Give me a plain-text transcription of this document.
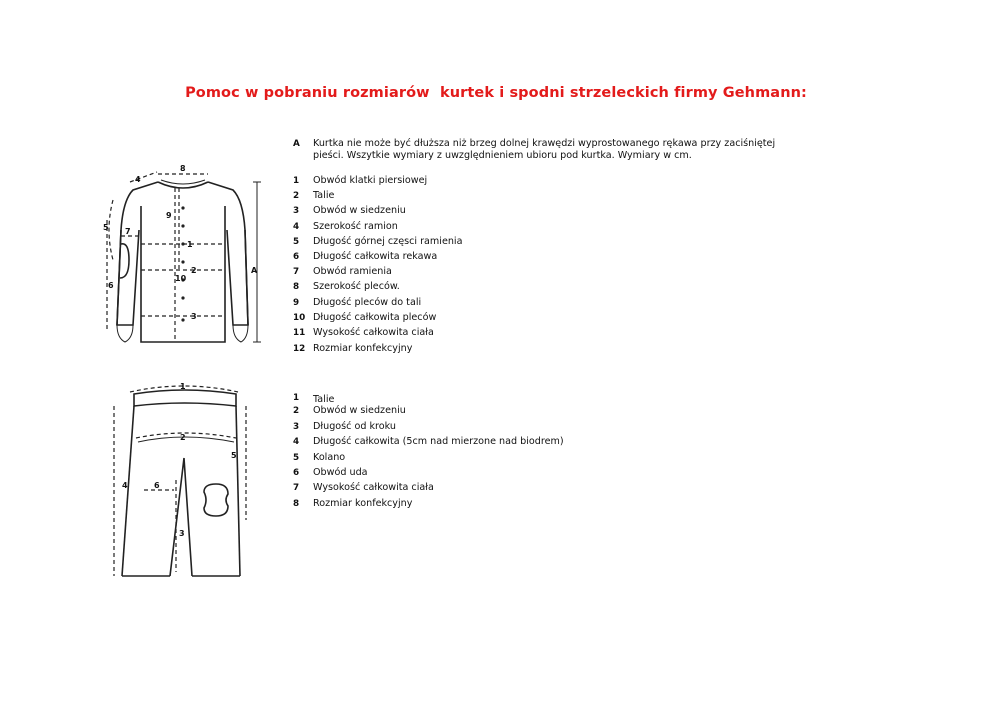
Pomoc w pobraniu rozmiarów  kurtek i spodni strzeleckich firmy Gehmann:
A Kurtka nie może być dłuższa niż brzeg dolnej krawędzi wyprostowanego rękawa przy zaciśniętej pieści. Wszytkie wymiary z uwzględnieniem ubioru pod kurtka. Wymiary w cm.
1 Obwód klatki piersiowej
2 Talie
3 Obwód w siedzeniu
4 Szerokość ramion
5 Długość górnej częsci ramienia
6 Długość całkowita rekawa
7 Obwód ramienia
8 Szerokość pleców.
9 Długość pleców do tali
10 Długość całkowita pleców
11 Wysokość całkowita ciała
12 Rozmiar konfekcyjny
1 Talie
2 Obwód w siedzeniu
3 Długość od kroku
4 Długość całkowita (5cm nad mierzone nad biodrem)
5 Kolano
6 Obwód uda
7 Wysokość całkowita ciała
8 Rozmiar konfekcyjny
8
4
5
6
7
9
1
2
3
10
A
1
2
4	6
5
3
